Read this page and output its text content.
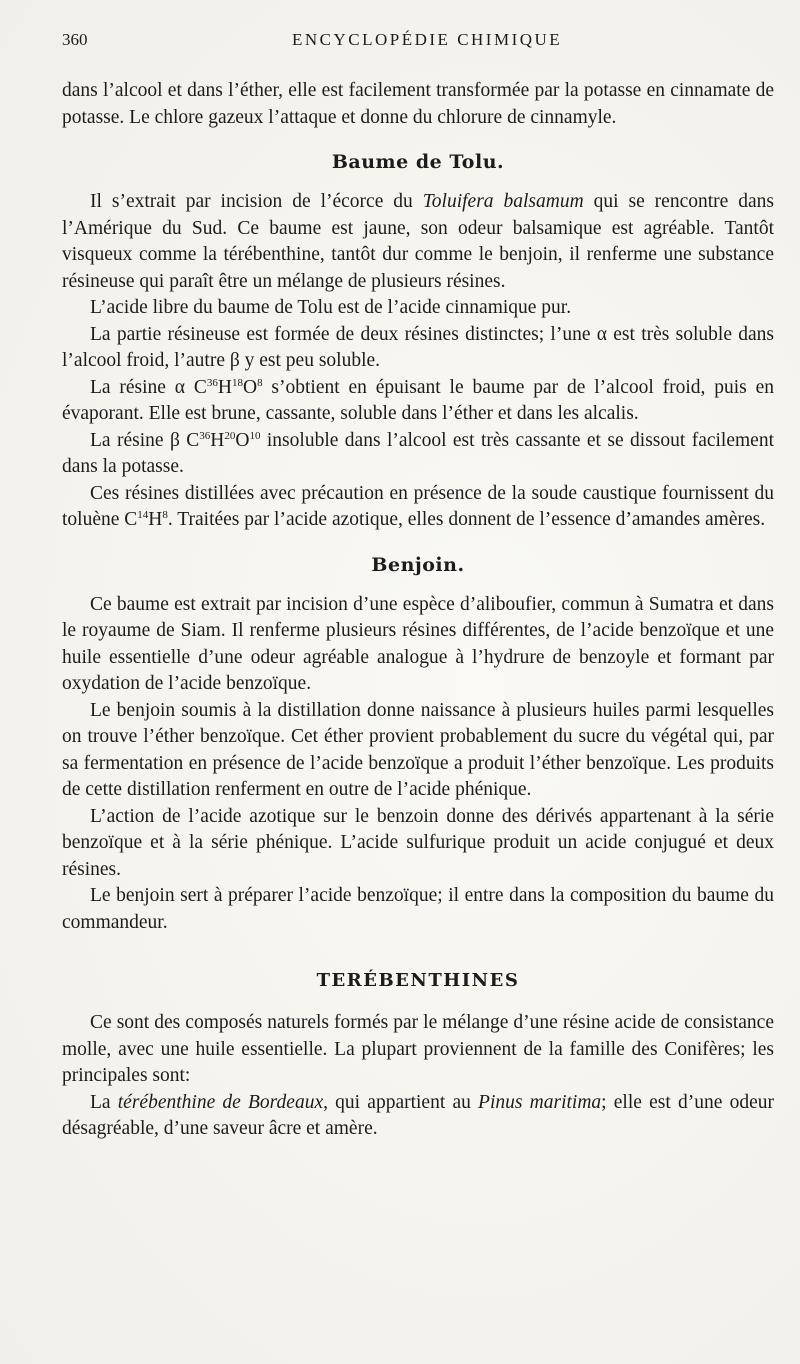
360	ENCYCLOPÉDIE CHIMIQUE

dans l’alcool et dans l’éther, elle est facilement transformée par la potasse en cinnamate de potasse. Le chlore gazeux l’attaque et donne du chlorure de cinnamyle.

Baume de Tolu.

Il s’extrait par incision de l’écorce du Toluifera balsamum qui se rencontre dans l’Amérique du Sud. Ce baume est jaune, son odeur balsamique est agréable. Tantôt visqueux comme la térébenthine, tantôt dur comme le benjoin, il renferme une substance résineuse qui paraît être un mélange de plusieurs résines.

L’acide libre du baume de Tolu est de l’acide cinnamique pur.

La partie résineuse est formée de deux résines distinctes; l’une α est très soluble dans l’alcool froid, l’autre β y est peu soluble.

La résine α $C^{36}H^{18}O^8$ s’obtient en épuisant le baume par de l’alcool froid, puis en évaporant. Elle est brune, cassante, soluble dans l’éther et dans les alcalis.

La résine β $C^{36}H^{20}O^{10}$ insoluble dans l’alcool est très cassante et se dissout facilement dans la potasse.

Ces résines distillées avec précaution en présence de la soude caustique fournissent du toluène $C^{14}H^8$. Traitées par l’acide azotique, elles donnent de l’essence d’amandes amères.

Benjoin.

Ce baume est extrait par incision d’une espèce d’aliboufier, commun à Sumatra et dans le royaume de Siam. Il renferme plusieurs résines différentes, de l’acide benzoïque et une huile essentielle d’une odeur agréable analogue à l’hydrure de benzoyle et formant par oxydation de l’acide benzoïque.

Le benjoin soumis à la distillation donne naissance à plusieurs huiles parmi lesquelles on trouve l’éther benzoïque. Cet éther provient probablement du sucre du végétal qui, par sa fermentation en présence de l’acide benzoïque a produit l’éther benzoïque. Les produits de cette distillation renferment en outre de l’acide phénique.

L’action de l’acide azotique sur le benzoin donne des dérivés appartenant à la série benzoïque et à la série phénique. L’acide sulfurique produit un acide conjugué et deux résines.

Le benjoin sert à préparer l’acide benzoïque; il entre dans la composition du baume du commandeur.

TERÉBENTHINES

Ce sont des composés naturels formés par le mélange d’une résine acide de consistance molle, avec une huile essentielle. La plupart proviennent de la famille des Conifères; les principales sont:

La térébenthine de Bordeaux, qui appartient au Pinus maritima; elle est d’une odeur désagréable, d’une saveur âcre et amère.
